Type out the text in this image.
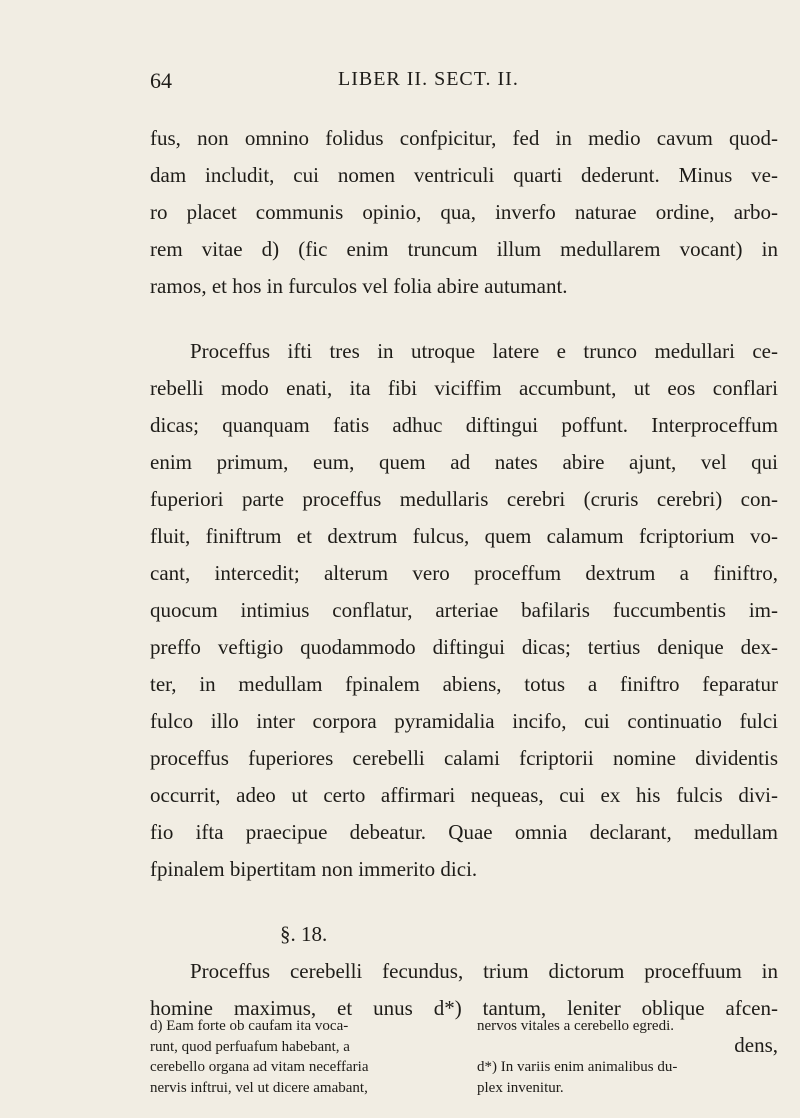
64	LIBER II. SECT. II.
fus, non omnino folidus confpicitur, fed in medio cavum quod-
dam includit, cui nomen ventriculi quarti dederunt. Minus ve-
ro placet communis opinio, qua, inverfo naturae ordine, arbo-
rem vitae d) (fic enim truncum illum medullarem vocant) in
ramos, et hos in furculos vel folia abire autumant.
Proceffus ifti tres in utroque latere e trunco medullari ce-
rebelli modo enati, ita fibi viciffim accumbunt, ut eos conflari
dicas; quanquam fatis adhuc diftingui poffunt. Interproceffum
enim primum, eum, quem ad nates abire ajunt, vel qui
fuperiori parte proceffus medullaris cerebri (cruris cerebri) con-
fluit, finiftrum et dextrum fulcus, quem calamum fcriptorium vo-
cant, intercedit; alterum vero proceffum dextrum a finiftro,
quocum intimius conflatur, arteriae bafilaris fuccumbentis im-
preffo veftigio quodammodo diftingui dicas; tertius denique dex-
ter, in medullam fpinalem abiens, totus a finiftro feparatur
fulco illo inter corpora pyramidalia incifo, cui continuatio fulci
proceffus fuperiores cerebelli calami fcriptorii nomine dividentis
occurrit, adeo ut certo affirmari nequeas, cui ex his fulcis divi-
fio ifta praecipue debeatur. Quae omnia declarant, medullam
fpinalem bipertitam non immerito dici.
§. 18.
Proceffus cerebelli fecundus, trium dictorum proceffuum in
homine maximus, et unus d*) tantum, leniter oblique afcen-
dens,
d) Eam forte ob caufam ita voca-
runt, quod perfuafum habebant, a
cerebello organa ad vitam neceffaria
nervis inftrui, vel ut dicere amabant,
nervos vitales a cerebello egredi.
d*) In variis enim animalibus du-
plex invenitur.
